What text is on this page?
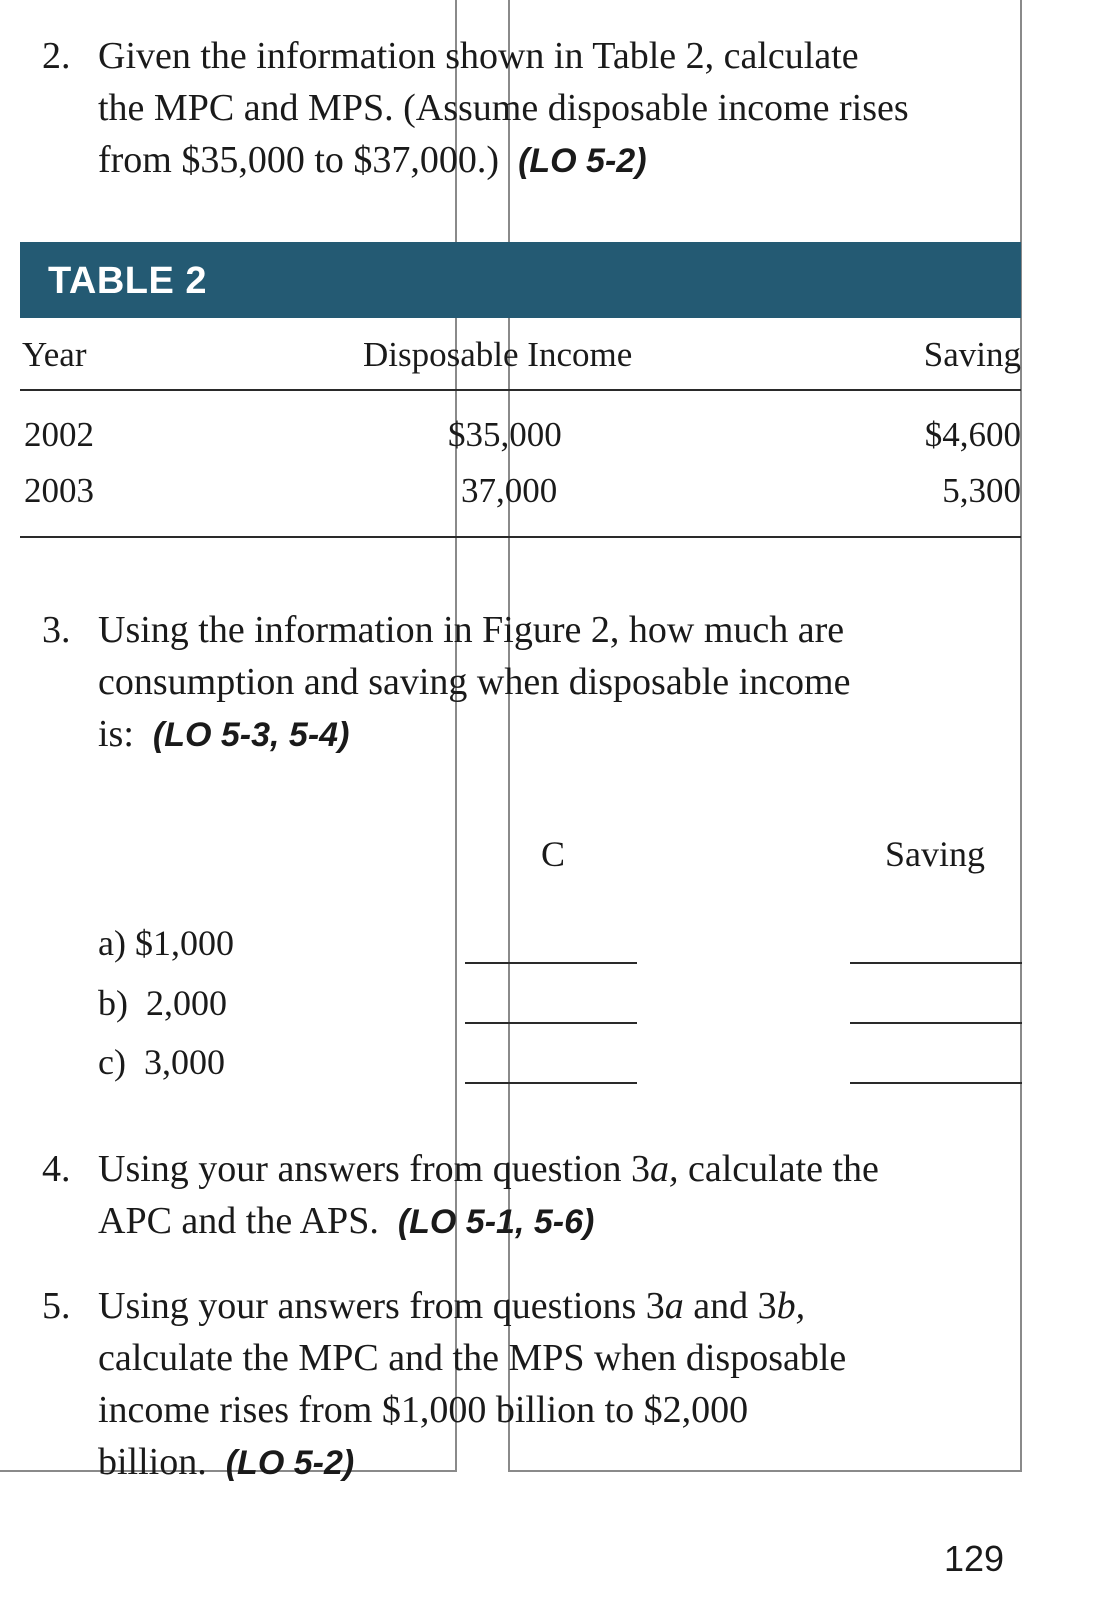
2. Given the information shown in Table 2, calculate
the MPC and MPS. (Assume disposable income rises
from $35,000 to $37,000.) (LO 5-2)
TABLE 2
Year	Disposable Income	Saving
2002	$35,000	$4,600
2003	37,000	5,300
3. Using the information in Figure 2, how much are
consumption and saving when disposable income
is: (LO 5-3, 5-4)
C	Saving
a) $1,000
b) 2,000
c) 3,000
4. Using your answers from question 3a, calculate the
APC and the APS. (LO 5-1, 5-6)
5. Using your answers from questions 3a and 3b,
calculate the MPC and the MPS when disposable
income rises from $1,000 billion to $2,000
billion. (LO 5-2)
129
